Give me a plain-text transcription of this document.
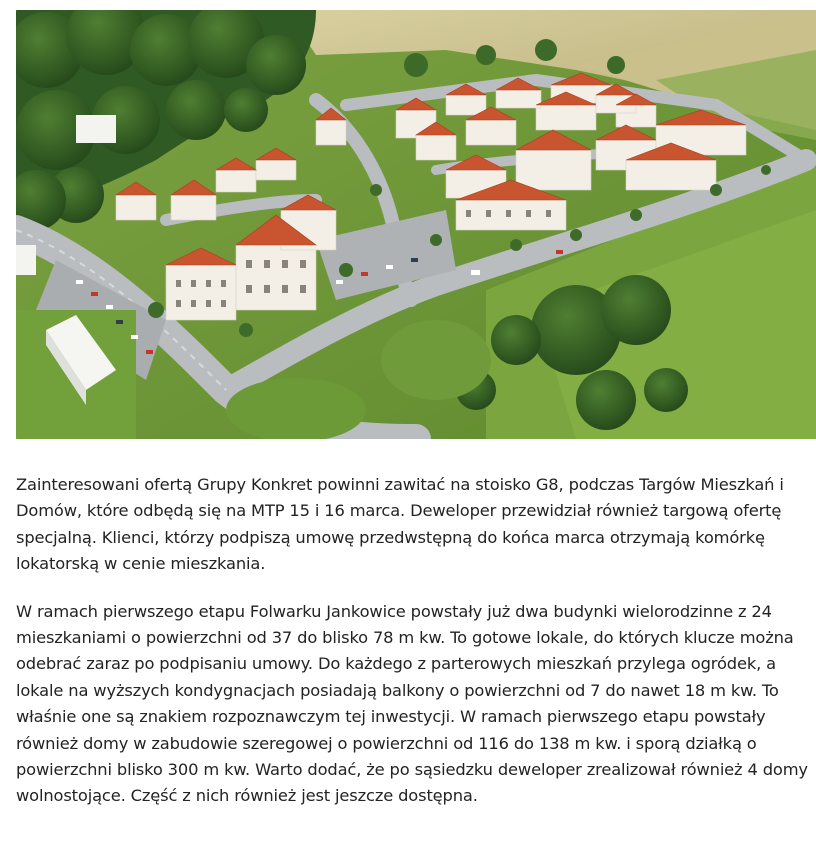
Zainteresowani ofertą Grupy Konkret powinni zawitać na stoisko G8, podczas Targów Mieszkań i Domów, które odbędą się na MTP 15 i 16 marca. Deweloper przewidział również targową ofertę specjalną. Klienci, którzy podpiszą umowę przedwstępną do końca marca otrzymają komórkę lokatorską w cenie mieszkania.

W ramach pierwszego etapu Folwarku Jankowice powstały już dwa budynki wielorodzinne z 24 mieszkaniami o powierzchni od 37 do blisko 78 m kw. To gotowe lokale, do których klucze można odebrać zaraz po podpisaniu umowy. Do każdego z parterowych mieszkań przylega ogródek, a lokale na wyższych kondygnacjach posiadają balkony o powierzchni od 7 do nawet 18 m kw. To właśnie one są znakiem rozpoznawczym tej inwestycji. W ramach pierwszego etapu powstały również domy w zabudowie szeregowej o powierzchni od 116 do 138 m kw. i sporą działką o powierzchni blisko 300 m kw. Warto dodać, że po sąsiedzku deweloper zrealizował również 4 domy wolnostojące. Część z nich również jest jeszcze dostępna.
